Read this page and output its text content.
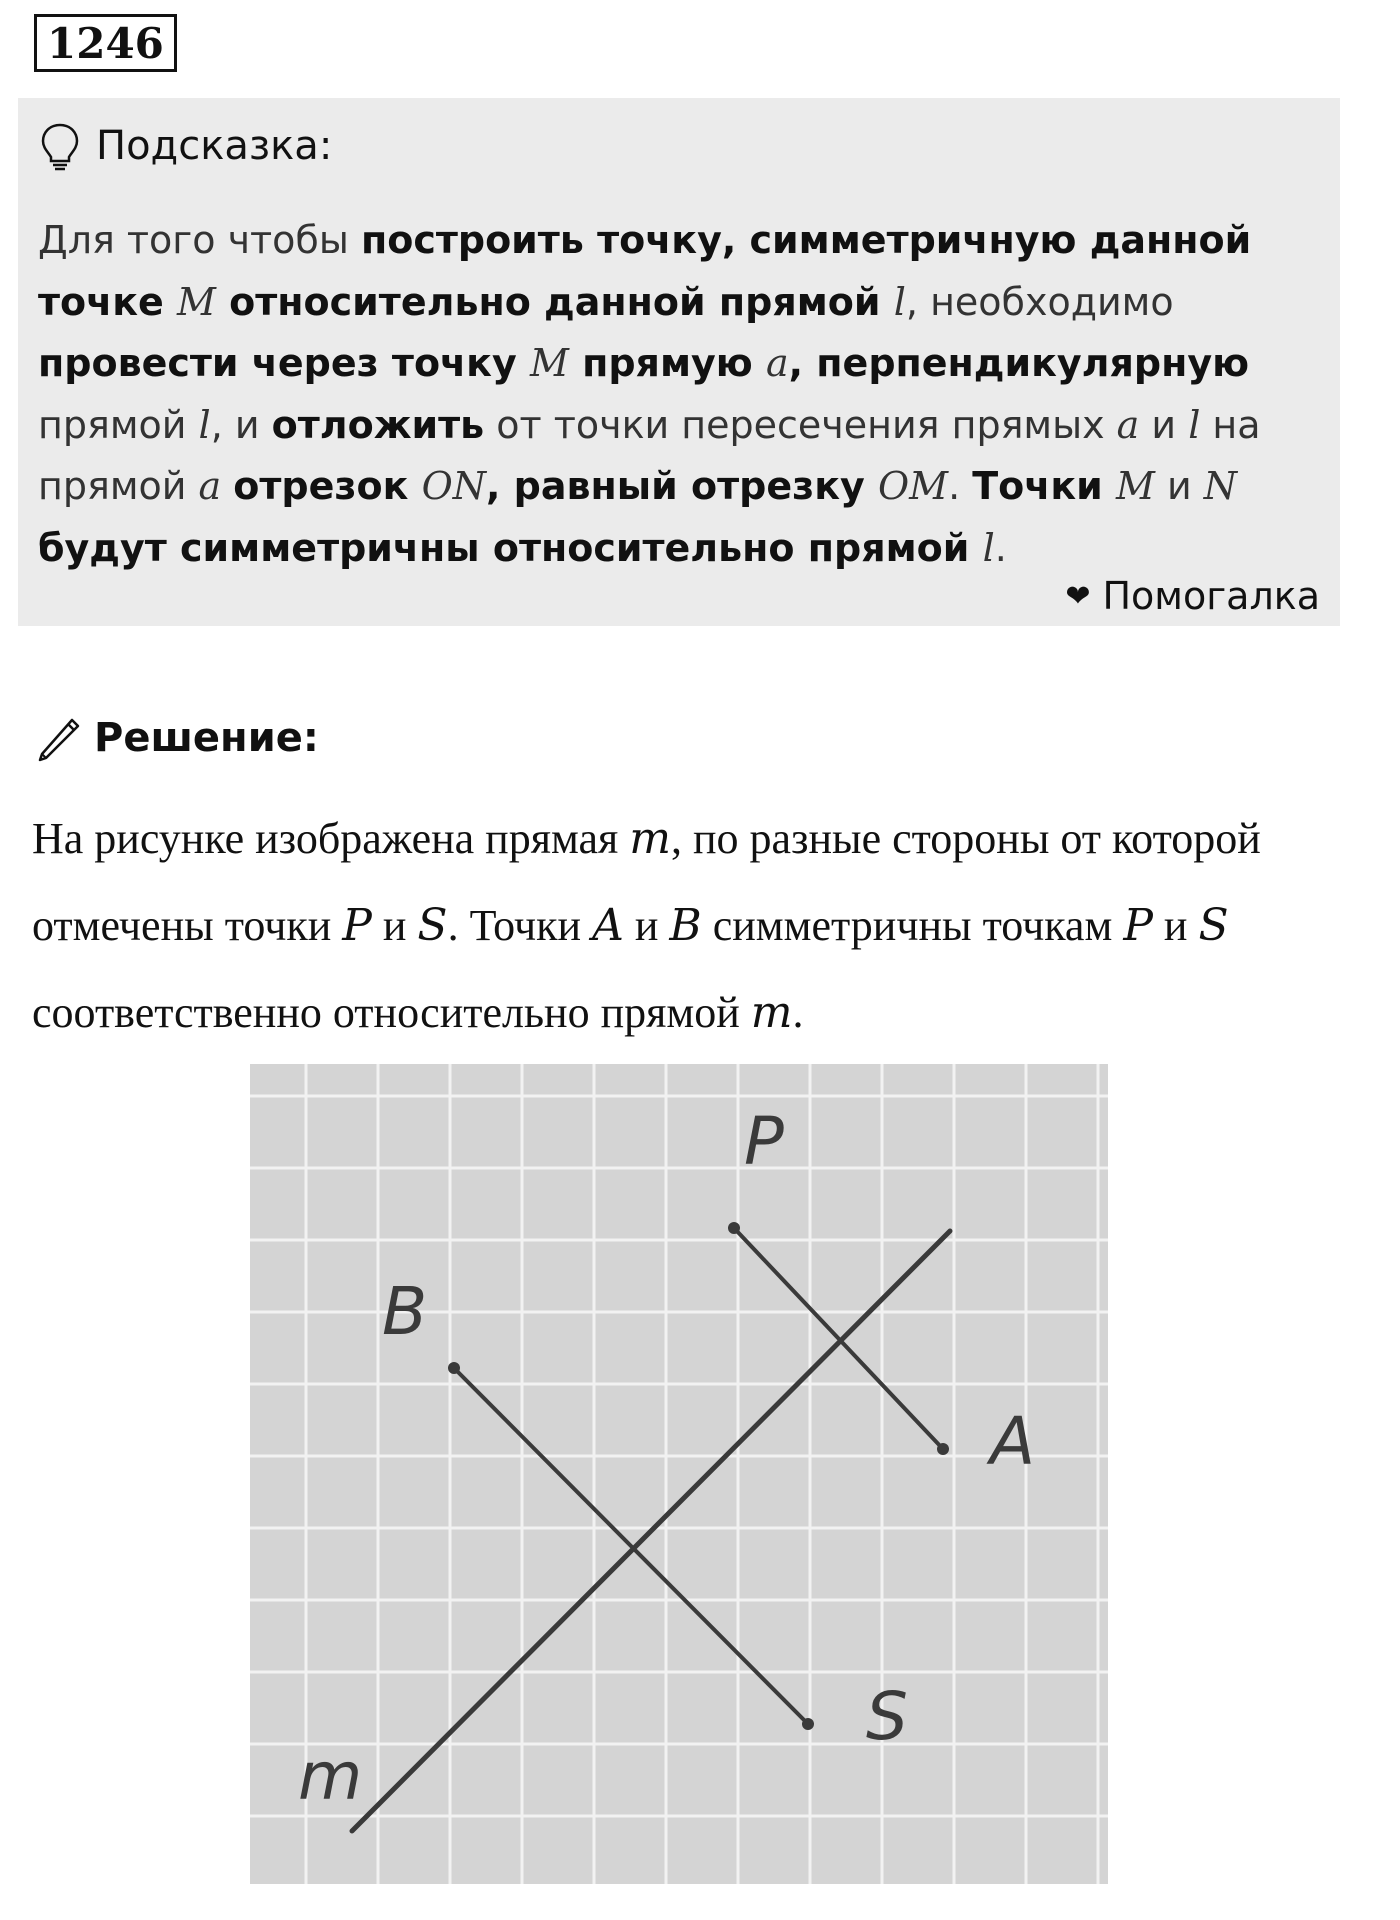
1246
Подсказка:
Для того чтобы построить точку, симметричную данной точке M относительно данной прямой l, необходимо провести через точку M прямую a, перпендикулярную прямой l, и отложить от точки пересечения прямых a и l на прямой a отрезок ON, равный отрезку OM. Точки M и N будут симметричны относительно прямой l.
❤ Помогалка
Решение:
На рисунке изображена прямая m, по разные стороны от которой отмечены точки P и S. Точки A и B симметричны точкам P и S соответственно относительно прямой m.
P
A
B
S
m
